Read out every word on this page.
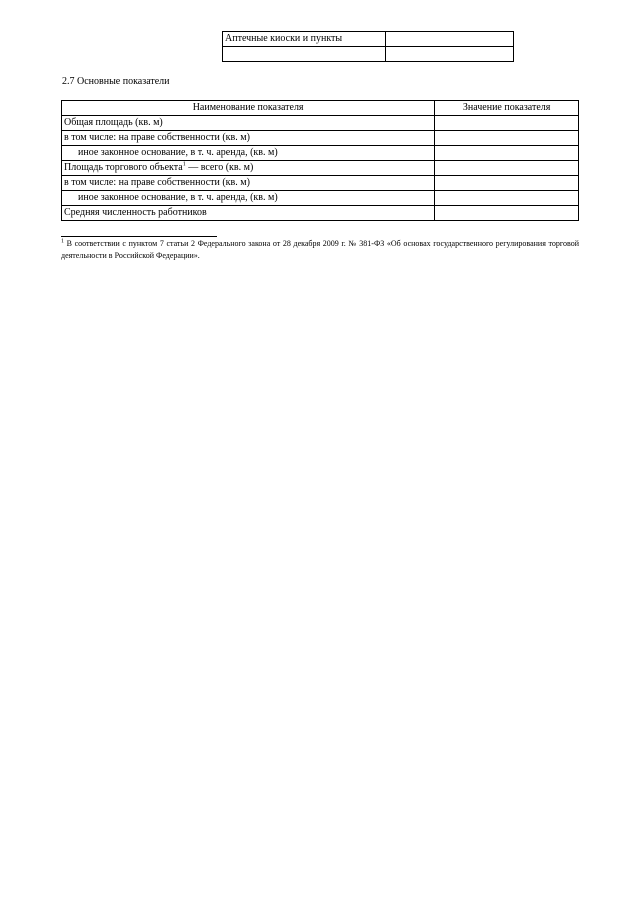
Аптечные киоски и пункты	

2.7 Основные показатели
Наименование показателя	Значение показателя
Общая площадь (кв. м)	
в том числе: на праве собственности (кв. м)	
иное законное основание, в т. ч. аренда, (кв. м)	
Площадь торгового объекта$^1$ — всего (кв. м)	
в том числе: на праве собственности (кв. м)	
иное законное основание, в т. ч. аренда, (кв. м)	
Средняя численность работников	
$^1$ В соответствии с пунктом 7 статьи 2 Федерального закона от 28 декабря 2009 г. № 381-ФЗ «Об основах государственного регулирования торговой деятельности в Российской Федерации».
